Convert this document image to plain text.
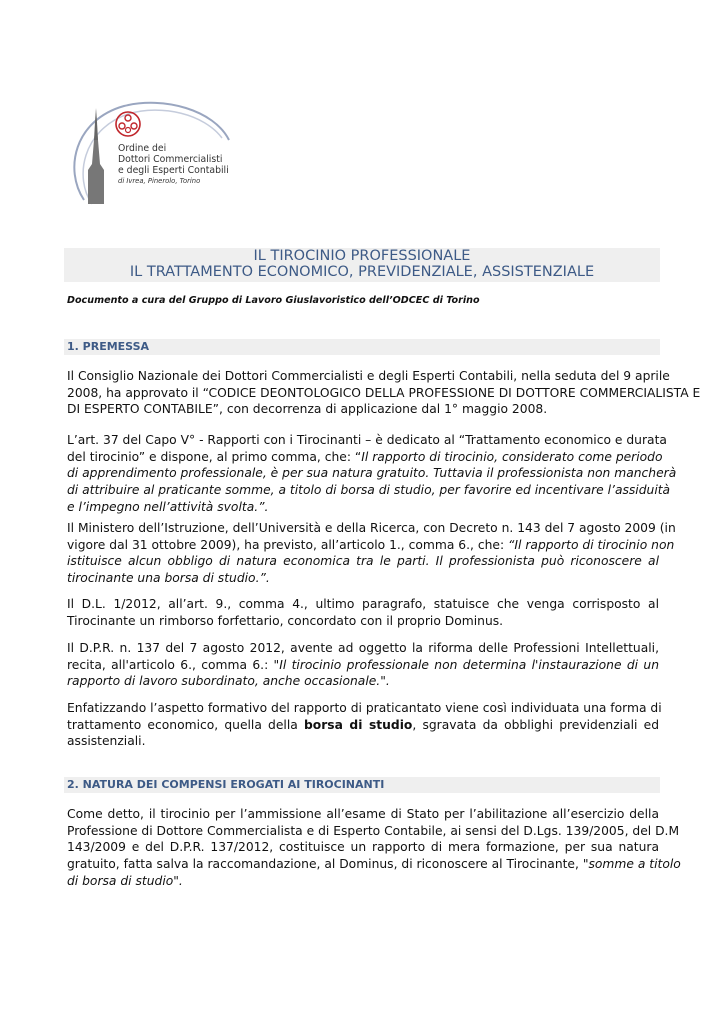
Ordine dei
Dottori Commercialisti
e degli Esperti Contabili
di Ivrea, Pinerolo, Torino
IL TIROCINIO PROFESSIONALE
IL TRATTAMENTO ECONOMICO, PREVIDENZIALE, ASSISTENZIALE
Documento a cura del Gruppo di Lavoro Giuslavoristico dell’ODCEC di Torino
1. PREMESSA
Il Consiglio Nazionale dei Dottori Commercialisti e degli Esperti Contabili, nella seduta del 9 aprile
2008, ha approvato il “CODICE DEONTOLOGICO DELLA PROFESSIONE DI DOTTORE COMMERCIALISTA E
DI ESPERTO CONTABILE”, con decorrenza di applicazione dal 1° maggio 2008.
L’art. 37 del Capo V° - Rapporti con i Tirocinanti – è dedicato al “Trattamento economico e durata
del tirocinio” e dispone, al primo comma, che: “Il rapporto di tirocinio, considerato come periodo
di apprendimento professionale, è per sua natura gratuito. Tuttavia il professionista non mancherà
di attribuire al praticante somme, a titolo di borsa di studio, per favorire ed incentivare l’assiduità
e l’impegno nell’attività svolta.”.
Il Ministero dell’Istruzione, dell’Università e della Ricerca, con Decreto n. 143 del 7 agosto 2009 (in
vigore dal 31 ottobre 2009), ha previsto, all’articolo 1., comma 6., che: “Il rapporto di tirocinio non
istituisce alcun obbligo di natura economica tra le parti. Il professionista può riconoscere al
tirocinante una borsa di studio.”.
Il D.L. 1/2012, all’art. 9., comma 4., ultimo paragrafo, statuisce che venga corrisposto al
Tirocinante un rimborso forfettario, concordato con il proprio Dominus.
Il D.P.R. n. 137 del 7 agosto 2012, avente ad oggetto la riforma delle Professioni Intellettuali,
recita, all'articolo 6., comma 6.: "Il tirocinio professionale non determina l'instaurazione di un
rapporto di lavoro subordinato, anche occasionale.".
Enfatizzando l’aspetto formativo del rapporto di praticantato viene così individuata una forma di
trattamento economico, quella della borsa di studio, sgravata da obblighi previdenziali ed
assistenziali.
2. NATURA DEI COMPENSI EROGATI AI TIROCINANTI
Come detto, il tirocinio per l’ammissione all’esame di Stato per l’abilitazione all’esercizio della
Professione di Dottore Commercialista e di Esperto Contabile, ai sensi del D.Lgs. 139/2005, del D.M
143/2009 e del D.P.R. 137/2012, costituisce un rapporto di mera formazione, per sua natura
gratuito, fatta salva la raccomandazione, al Dominus, di riconoscere al Tirocinante, "somme a titolo
di borsa di studio".
